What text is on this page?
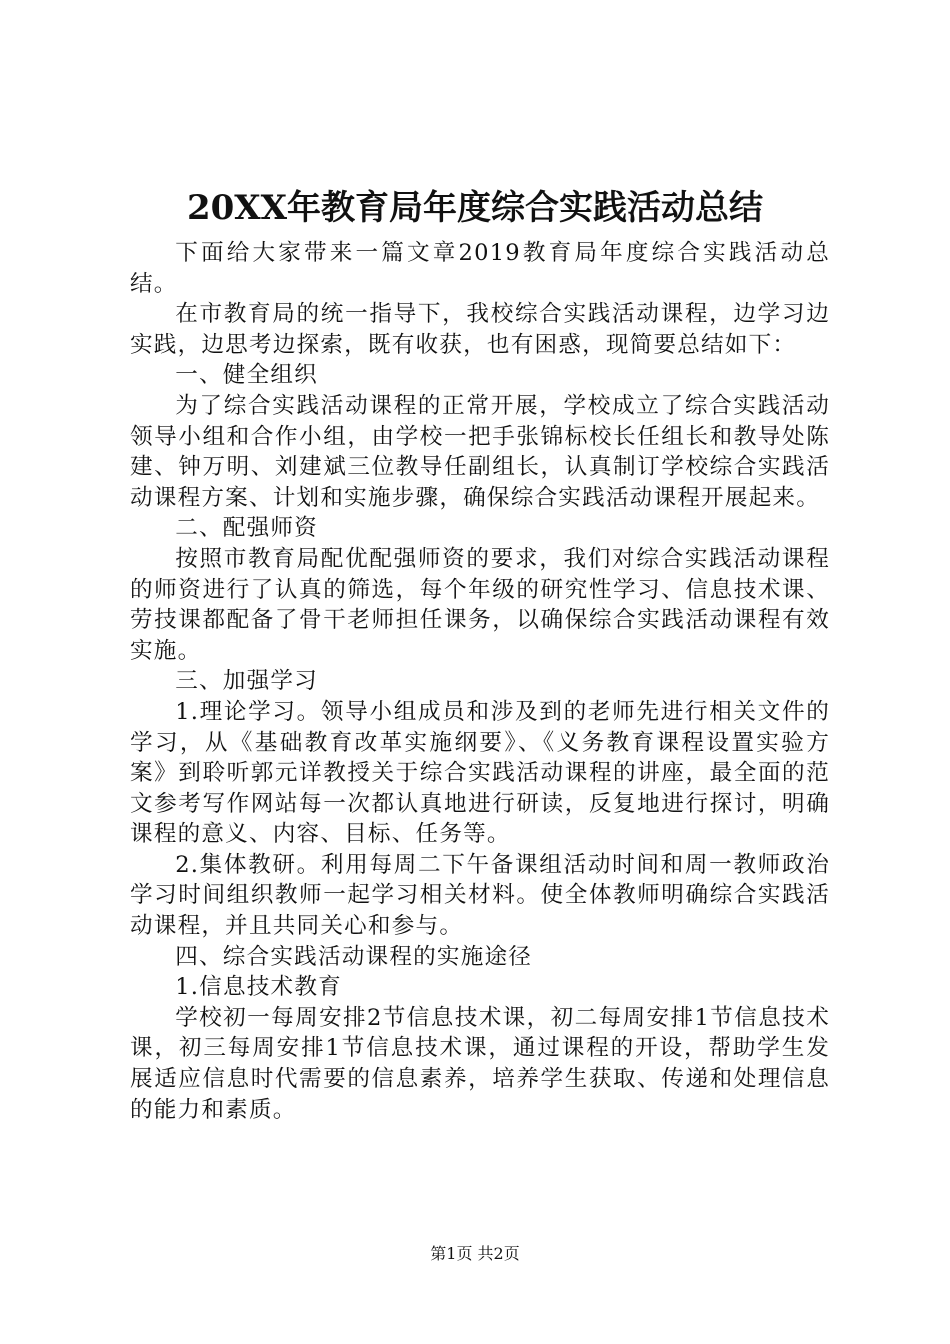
20XX年教育局年度综合实践活动总结

下面给大家带来一篇文章2019教育局年度综合实践活动总结。

在市教育局的统一指导下，我校综合实践活动课程，边学习边实践，边思考边探索，既有收获，也有困惑，现简要总结如下：

一、健全组织

为了综合实践活动课程的正常开展，学校成立了综合实践活动领导小组和合作小组，由学校一把手张锦标校长任组长和教导处陈建、钟万明、刘建斌三位教导任副组长，认真制订学校综合实践活动课程方案、计划和实施步骤，确保综合实践活动课程开展起来。

二、配强师资

按照市教育局配优配强师资的要求，我们对综合实践活动课程的师资进行了认真的筛选，每个年级的研究性学习、信息技术课、劳技课都配备了骨干老师担任课务，以确保综合实践活动课程有效实施。

三、加强学习

1.理论学习。领导小组成员和涉及到的老师先进行相关文件的学习，从《基础教育改革实施纲要》、《义务教育课程设置实验方案》到聆听郭元详教授关于综合实践活动课程的讲座，最全面的范文参考写作网站每一次都认真地进行研读，反复地进行探讨，明确课程的意义、内容、目标、任务等。

2.集体教研。利用每周二下午备课组活动时间和周一教师政治学习时间组织教师一起学习相关材料。使全体教师明确综合实践活动课程，并且共同关心和参与。

四、综合实践活动课程的实施途径

1.信息技术教育

学校初一每周安排2节信息技术课，初二每周安排1节信息技术课，初三每周安排1节信息技术课，通过课程的开设，帮助学生发展适应信息时代需要的信息素养，培养学生获取、传递和处理信息的能力和素质。

第1页 共2页
